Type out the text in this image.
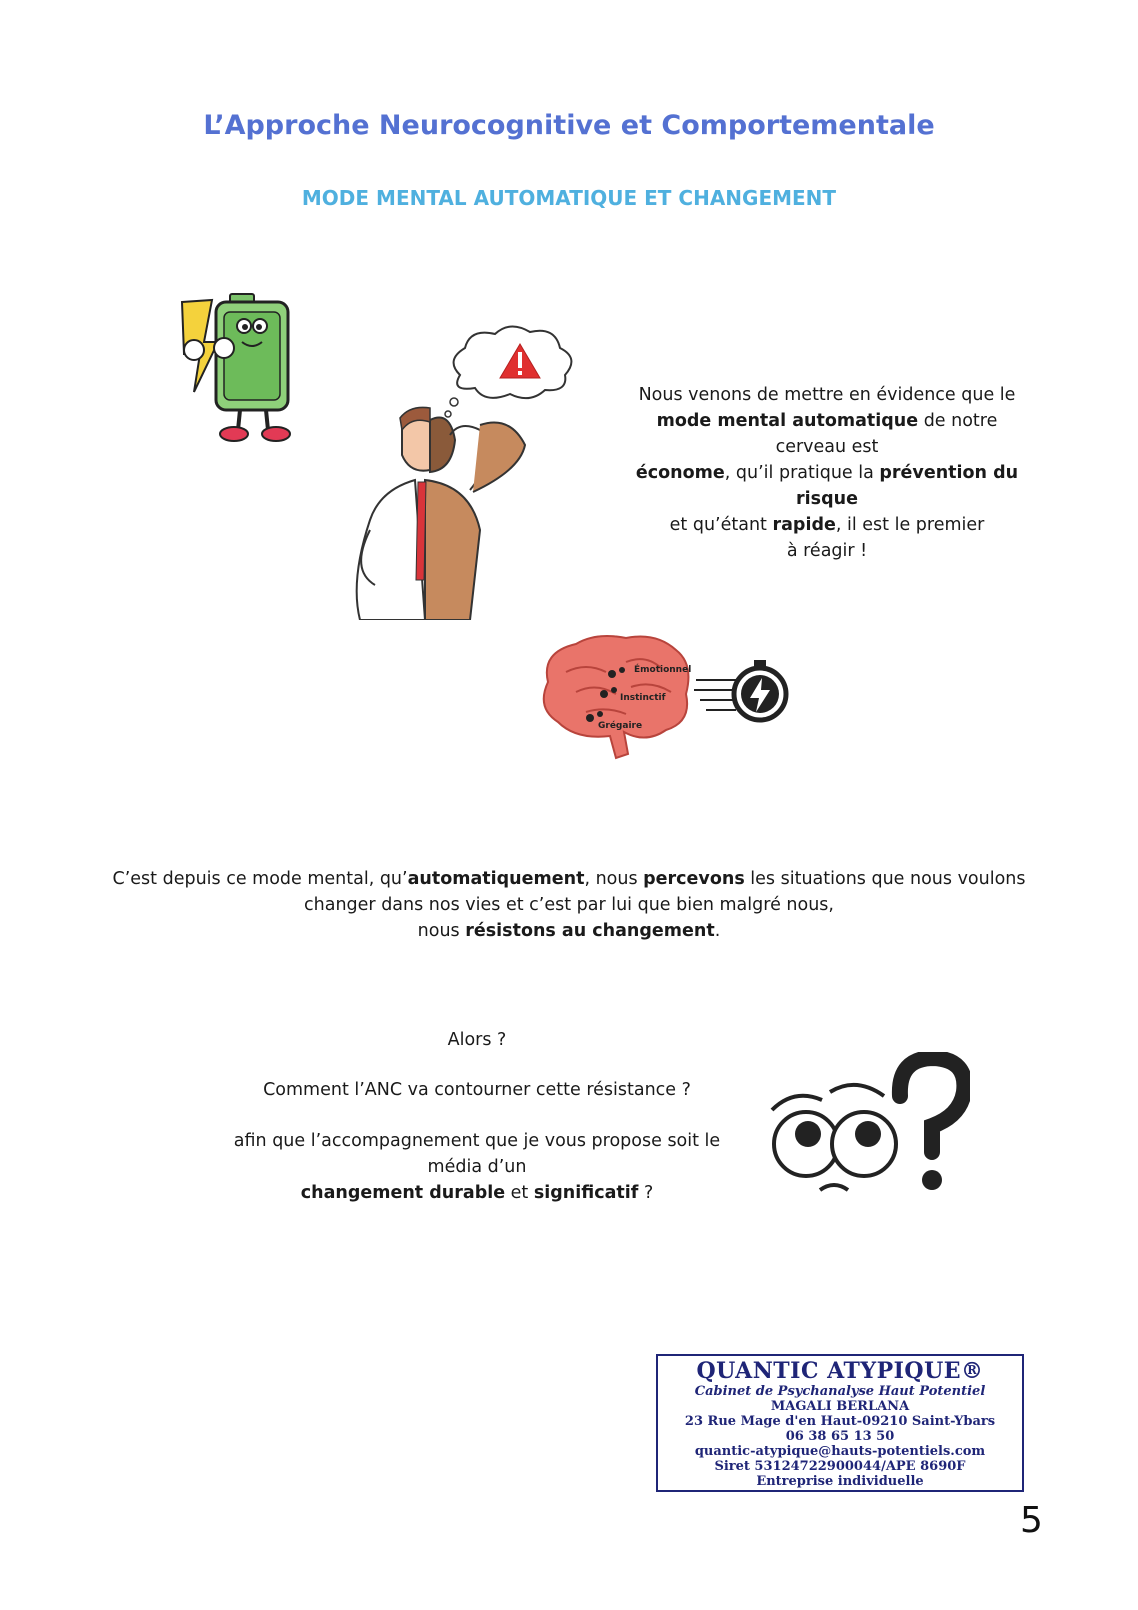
L’Approche Neurocognitive et Comportementale
MODE MENTAL AUTOMATIQUE ET CHANGEMENT
Nous venons de mettre en évidence que le
mode mental automatique de notre
cerveau est
économe, qu’il pratique la prévention du
risque
et qu’étant rapide, il est le premier
à réagir !
Émotionnel
Instinctif
Grégaire
C’est depuis ce mode mental, qu’automatiquement, nous percevons les situations que nous voulons
changer dans nos vies et c’est par lui que bien malgré nous,
nous résistons au changement.
Alors ?
Comment l’ANC va contourner cette résistance ?
afin que l’accompagnement que je vous propose soit le
média d’un
changement durable et significatif ?
QUANTIC ATYPIQUE®
Cabinet de Psychanalyse Haut Potentiel
MAGALI BERLANA
23 Rue Mage d'en Haut-09210 Saint-Ybars
06 38 65 13 50
quantic-atypique@hauts-potentiels.com
Siret 53124722900044/APE 8690F
Entreprise individuelle
5
